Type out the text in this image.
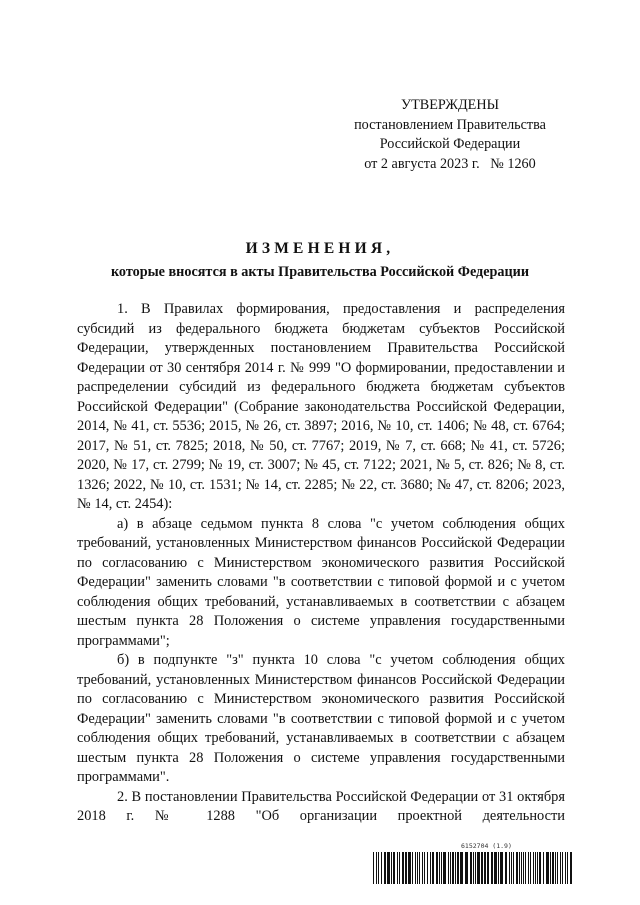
УТВЕРЖДЕНЫ
постановлением Правительства
Российской Федерации
от 2 августа 2023 г.   № 1260
ИЗМЕНЕНИЯ,
которые вносятся в акты Правительства Российской Федерации

1. В Правилах формирования, предоставления и распределения субсидий из федерального бюджета бюджетам субъектов Российской Федерации, утвержденных постановлением Правительства Российской Федерации от 30 сентября 2014 г. № 999 "О формировании, предоставлении и распределении субсидий из федерального бюджета бюджетам субъектов Российской Федерации" (Собрание законодательства Российской Федерации, 2014, № 41, ст. 5536; 2015, № 26, ст. 3897; 2016, № 10, ст. 1406; № 48, ст. 6764; 2017, № 51, ст. 7825; 2018, № 50, ст. 7767; 2019, № 7, ст. 668; № 41, ст. 5726; 2020, № 17, ст. 2799; № 19, ст. 3007; № 45, ст. 7122; 2021, № 5, ст. 826; № 8, ст. 1326; 2022, № 10, ст. 1531; № 14, ст. 2285; № 22, ст. 3680; № 47, ст. 8206; 2023, № 14, ст. 2454):

а) в абзаце седьмом пункта 8 слова "с учетом соблюдения общих требований, установленных Министерством финансов Российской Федерации по согласованию с Министерством экономического развития Российской Федерации" заменить словами "в соответствии с типовой формой и с учетом соблюдения общих требований, устанавливаемых в соответствии с абзацем шестым пункта 28 Положения о системе управления государственными программами";

б) в подпункте "з" пункта 10 слова "с учетом соблюдения общих требований, установленных Министерством финансов Российской Федерации по согласованию с Министерством экономического развития Российской Федерации" заменить словами "в соответствии с типовой формой и с учетом соблюдения общих требований, устанавливаемых в соответствии с абзацем шестым пункта 28 Положения о системе управления государственными программами".

2. В постановлении Правительства Российской Федерации от 31 октября 2018 г. № 1288 "Об организации проектной деятельности

6152704 (1.9)
